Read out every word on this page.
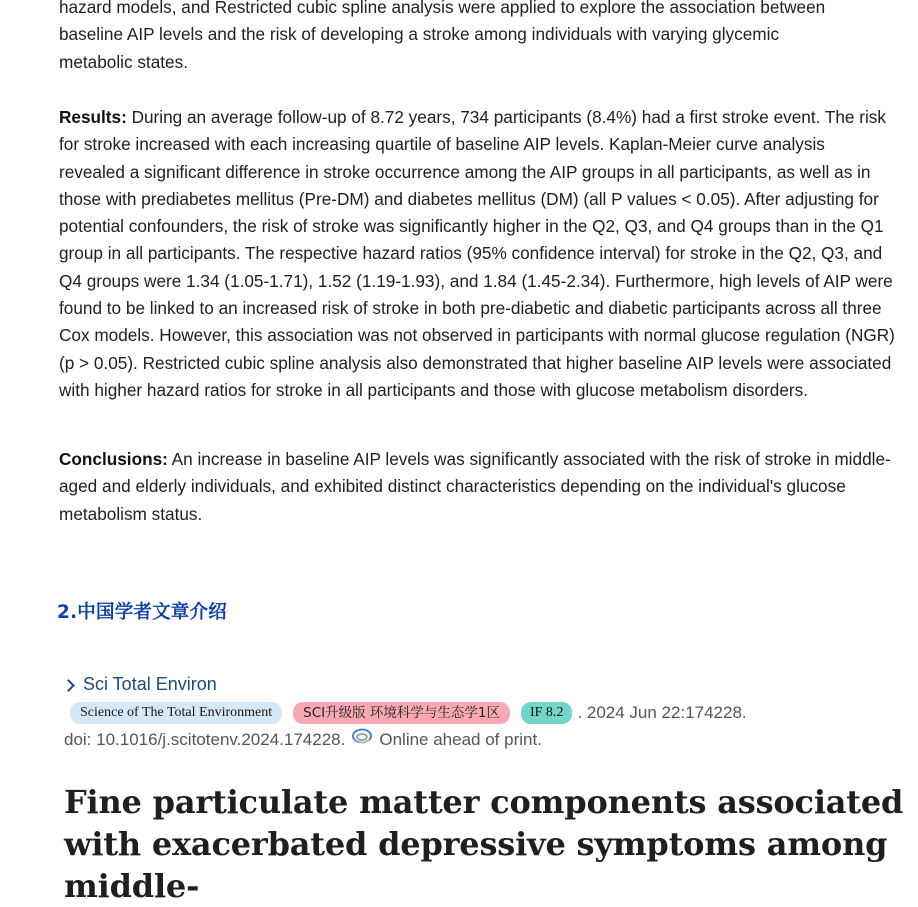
hazard models, and Restricted cubic spline analysis were applied to explore the association between
baseline AIP levels and the risk of developing a stroke among individuals with varying glycemic
metabolic states.

Results: During an average follow-up of 8.72 years, 734 participants (8.4%) had a first stroke event. The risk for stroke increased with each increasing quartile of baseline AIP levels. Kaplan-Meier curve analysis revealed a significant difference in stroke occurrence among the AIP groups in all participants, as well as in those with prediabetes mellitus (Pre-DM) and diabetes mellitus (DM) (all P values < 0.05). After adjusting for potential confounders, the risk of stroke was significantly higher in the Q2, Q3, and Q4 groups than in the Q1 group in all participants. The respective hazard ratios (95% confidence interval) for stroke in the Q2, Q3, and Q4 groups were 1.34 (1.05-1.71), 1.52 (1.19-1.93), and 1.84 (1.45-2.34). Furthermore, high levels of AIP were found to be linked to an increased risk of stroke in both pre-diabetic and diabetic participants across all three Cox models. However, this association was not observed in participants with normal glucose regulation (NGR) (p > 0.05). Restricted cubic spline analysis also demonstrated that higher baseline AIP levels were associated with higher hazard ratios for stroke in all participants and those with glucose metabolism disorders.

Conclusions: An increase in baseline AIP levels was significantly associated with the risk of stroke in middle-aged and elderly individuals, and exhibited distinct characteristics depending on the individual's glucose metabolism status.

2.中国学者文章介绍
Sci Total Environ
Science of The Total Environment	SCI升级版 环境科学与生态学1区	IF 8.2 . 2024 Jun 22:174228.
doi: 10.1016/j.scitotenv.2024.174228. Online ahead of print.
Fine particulate matter components associated with exacerbated depressive symptoms among middle-
